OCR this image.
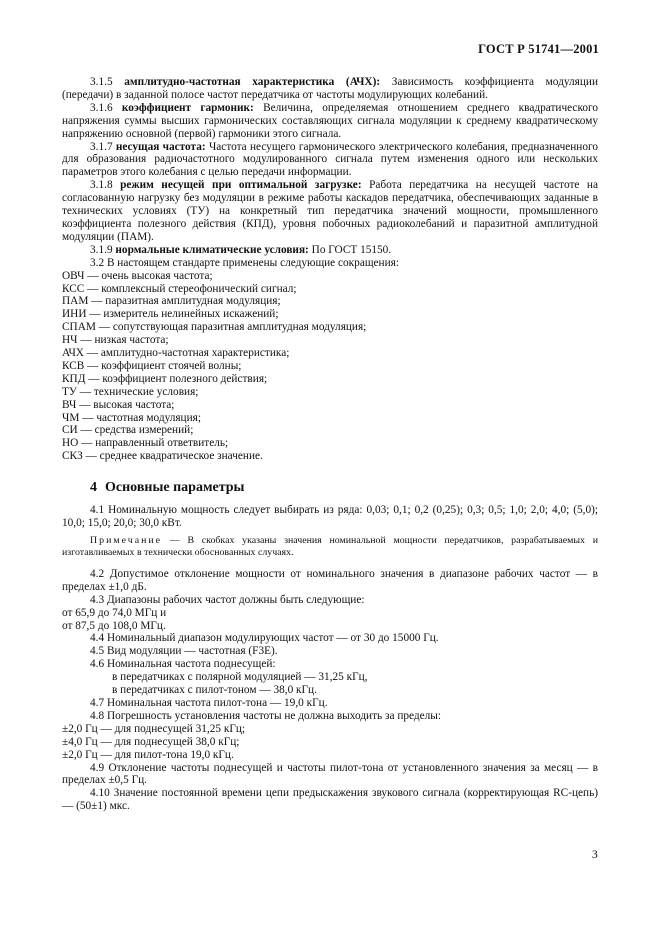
ГОСТ Р 51741—2001

3.1.5 амплитудно-частотная характеристика (АЧХ): Зависимость коэффициента модуляции (передачи) в заданной полосе частот передатчика от частоты модулирующих колебаний.

3.1.6 коэффициент гармоник: Величина, определяемая отношением среднего квадратического напряжения суммы высших гармонических составляющих сигнала модуляции к среднему квадратическому напряжению основной (первой) гармоники этого сигнала.

3.1.7 несущая частота: Частота несущего гармонического электрического колебания, предназначенного для образования радиочастотного модулированного сигнала путем изменения одного или нескольких параметров этого колебания с целью передачи информации.

3.1.8 режим несущей при оптимальной загрузке: Работа передатчика на несущей частоте на согласованную нагрузку без модуляции в режиме работы каскадов передатчика, обеспечивающих заданные в технических условиях (ТУ) на конкретный тип передатчика значений мощности, промышленного коэффициента полезного действия (КПД), уровня побочных радиоколебаний и паразитной амплитудной модуляции (ПАМ).

3.1.9 нормальные климатические условия: По ГОСТ 15150.

3.2 В настоящем стандарте применены следующие сокращения:

ОВЧ — очень высокая частота;

КСС — комплексный стереофонический сигнал;

ПАМ — паразитная амплитудная модуляция;

ИНИ — измеритель нелинейных искажений;

СПАМ — сопутствующая паразитная амплитудная модуляция;

НЧ — низкая частота;

АЧХ — амплитудно-частотная характеристика;

КСВ — коэффициент стоячей волны;

КПД — коэффициент полезного действия;

ТУ — технические условия;

ВЧ — высокая частота;

ЧМ — частотная модуляция;

СИ — средства измерений;

НО — направленный ответвитель;

СКЗ — среднее квадратическое значение.

4 Основные параметры

4.1 Номинальную мощность следует выбирать из ряда: 0,03; 0,1; 0,2 (0,25); 0,3; 0,5; 1,0; 2,0; 4,0; (5,0); 10,0; 15,0; 20,0; 30,0 кВт.

Примечание — В скобках указаны значения номинальной мощности передатчиков, разрабатываемых и изготавливаемых в технически обоснованных случаях.

4.2 Допустимое отклонение мощности от номинального значения в диапазоне рабочих частот — в пределах ±1,0 дБ.

4.3 Диапазоны рабочих частот должны быть следующие:

от 65,9 до 74,0 МГц и

от 87,5 до 108,0 МГц.

4.4 Номинальный диапазон модулирующих частот — от 30 до 15000 Гц.

4.5 Вид модуляции — частотная (F3E).

4.6 Номинальная частота поднесущей:

в передатчиках с полярной модуляцией — 31,25 кГц,

в передатчиках с пилот-тоном — 38,0 кГц.

4.7 Номинальная частота пилот-тона — 19,0 кГц.

4.8 Погрешность установления частоты не должна выходить за пределы:

±2,0 Гц — для поднесущей 31,25 кГц;

±4,0 Гц — для поднесущей 38,0 кГц;

±2,0 Гц — для пилот-тона 19,0 кГц.

4.9 Отклонение частоты поднесущей и частоты пилот-тона от установленного значения за месяц — в пределах ±0,5 Гц.

4.10 Значение постоянной времени цепи предыскажения звукового сигнала (корректирующая RC-цепь) — (50±1) мкс.

3
